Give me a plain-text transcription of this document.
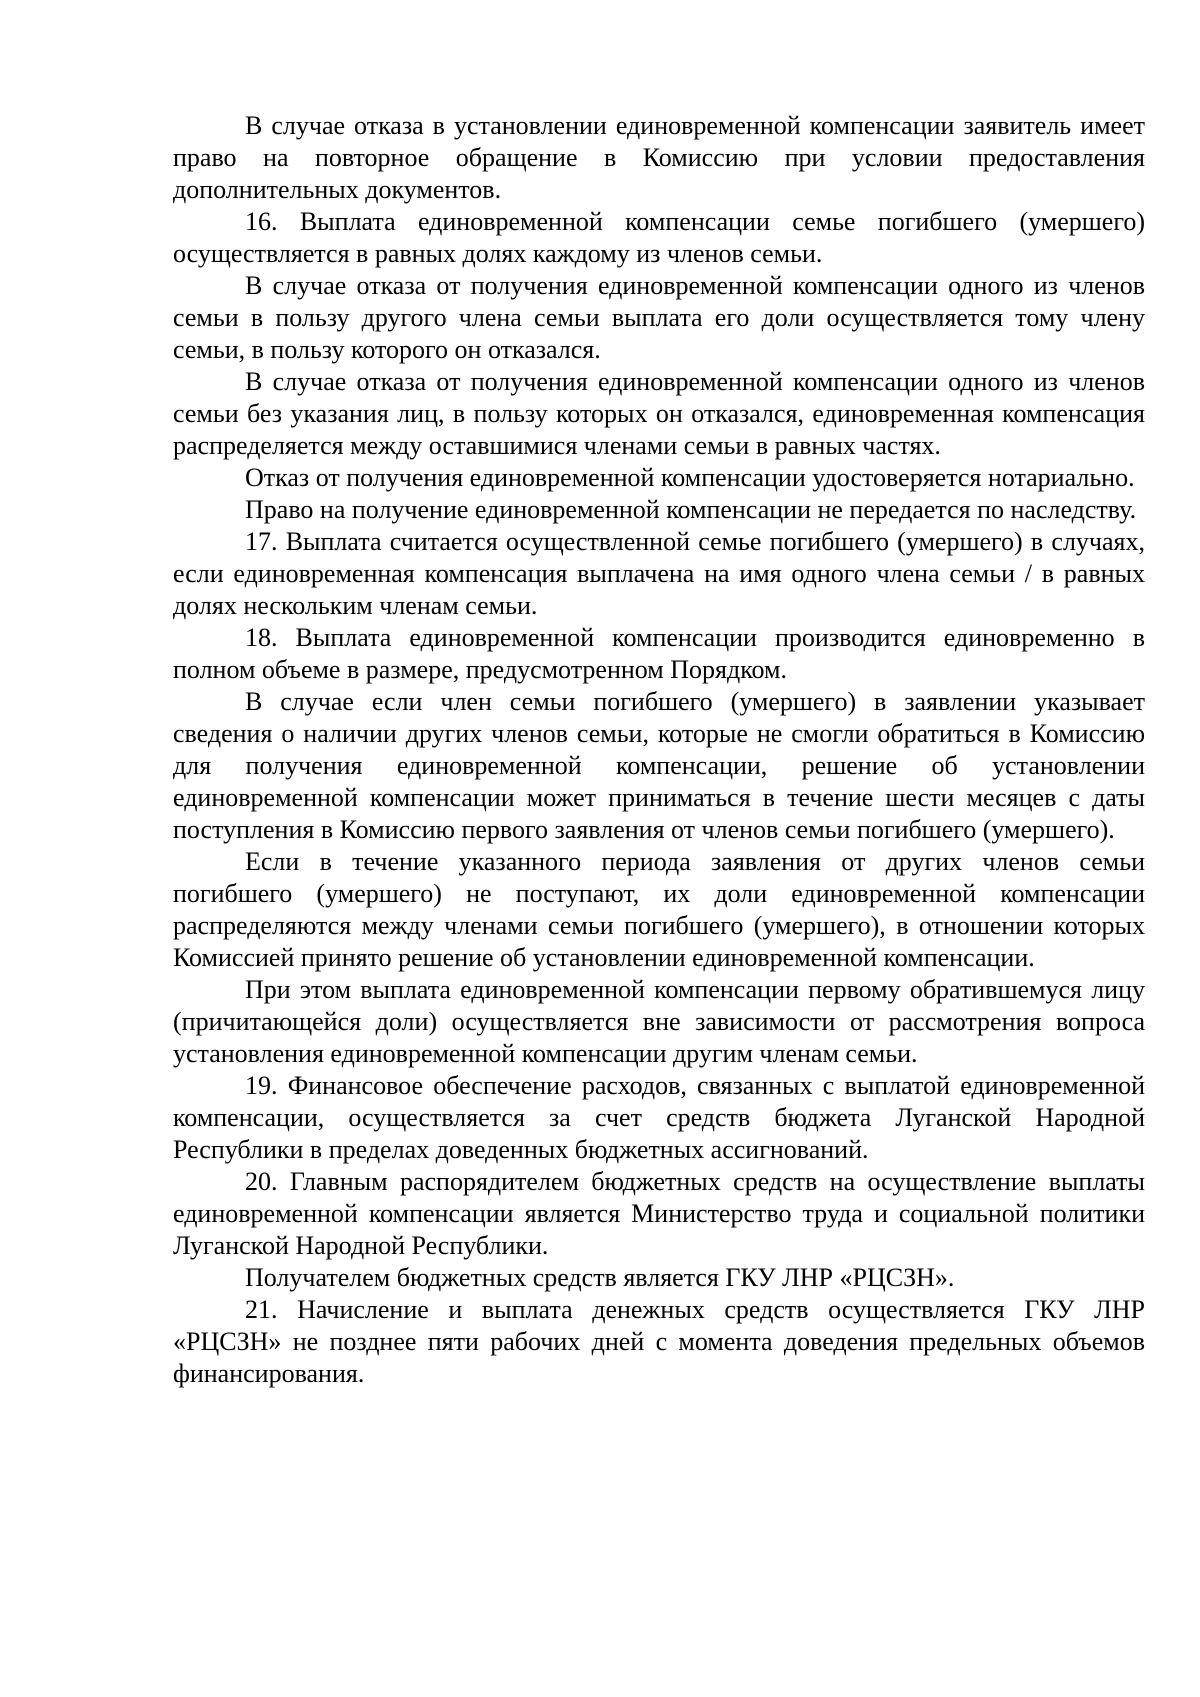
В случае отказа в установлении единовременной компенсации заявитель имеет право на повторное обращение в Комиссию при условии предоставления дополнительных документов.

16. Выплата единовременной компенсации семье погибшего (умершего) осуществляется в равных долях каждому из членов семьи.

В случае отказа от получения единовременной компенсации одного из членов семьи в пользу другого члена семьи выплата его доли осуществляется тому члену семьи, в пользу которого он отказался.

В случае отказа от получения единовременной компенсации одного из членов семьи без указания лиц, в пользу которых он отказался, единовременная компенсация распределяется между оставшимися членами семьи в равных частях.

Отказ от получения единовременной компенсации удостоверяется нотариально.

Право на получение единовременной компенсации не передается по наследству.

17. Выплата считается осуществленной семье погибшего (умершего) в случаях, если единовременная компенсация выплачена на имя одного члена семьи / в равных долях нескольким членам семьи.

18. Выплата единовременной компенсации производится единовременно в полном объеме в размере, предусмотренном Порядком.

В случае если член семьи погибшего (умершего) в заявлении указывает сведения о наличии других членов семьи, которые не смогли обратиться в Комиссию для получения единовременной компенсации, решение об установлении единовременной компенсации может приниматься в течение шести месяцев с даты поступления в Комиссию первого заявления от членов семьи погибшего (умершего).

Если в течение указанного периода заявления от других членов семьи погибшего (умершего) не поступают, их доли единовременной компенсации распределяются между членами семьи погибшего (умершего), в отношении которых Комиссией принято решение об установлении единовременной компенсации.

При этом выплата единовременной компенсации первому обратившемуся лицу (причитающейся доли) осуществляется вне зависимости от рассмотрения вопроса установления единовременной компенсации другим членам семьи.

19. Финансовое обеспечение расходов, связанных с выплатой единовременной компенсации, осуществляется за счет средств бюджета Луганской Народной Республики в пределах доведенных бюджетных ассигнований.

20. Главным распорядителем бюджетных средств на осуществление выплаты единовременной компенсации является Министерство труда и социальной политики Луганской Народной Республики.

Получателем бюджетных средств является ГКУ ЛНР «РЦСЗН».

21. Начисление и выплата денежных средств осуществляется ГКУ ЛНР «РЦСЗН» не позднее пяти рабочих дней с момента доведения предельных объемов финансирования.
